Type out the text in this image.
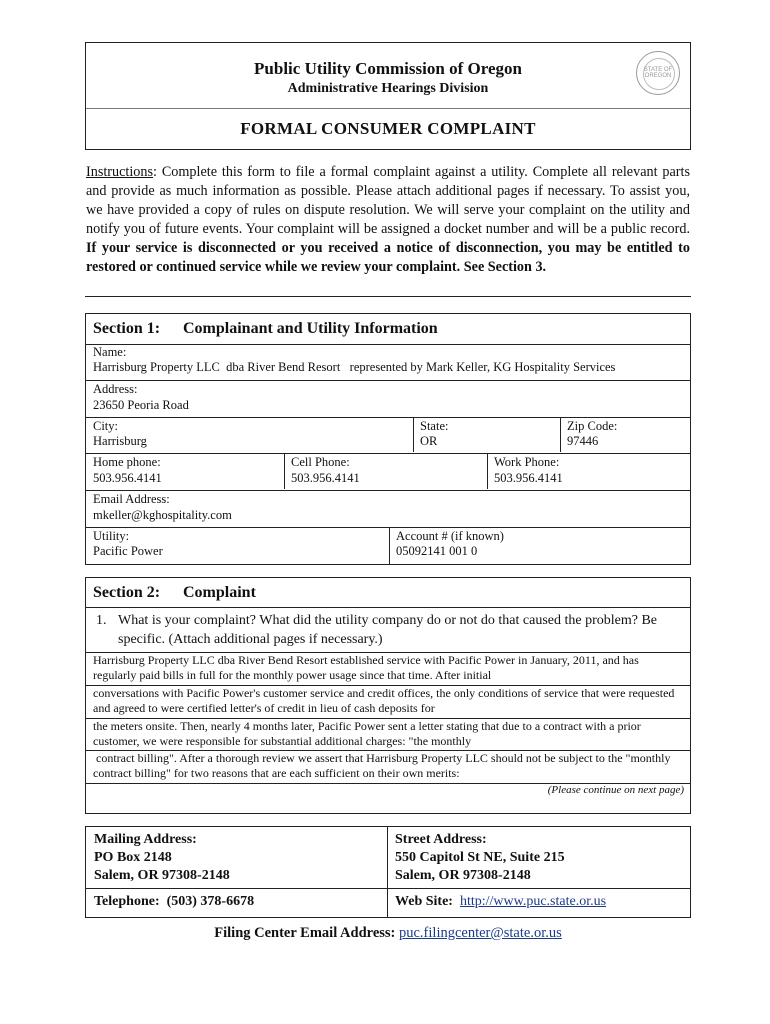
Public Utility Commission of Oregon
Administrative Hearings Division
FORMAL CONSUMER COMPLAINT
STATE OF OREGON
Instructions: Complete this form to file a formal complaint against a utility. Complete all relevant parts and provide as much information as possible. Please attach additional pages if necessary. To assist you, we have provided a copy of rules on dispute resolution. We will serve your complaint on the utility and notify you of future events. Your complaint will be assigned a docket number and will be a public record. If your service is disconnected or you received a notice of disconnection, you may be entitled to restored or continued service while we review your complaint. See Section 3.
Section 1: Complainant and Utility Information
Name:
Harrisburg Property LLC  dba River Bend Resort   represented by Mark Keller, KG Hospitality Services
Address:
23650 Peoria Road
City:
Harrisburg
State:
OR
Zip Code:
97446
Home phone:
503.956.4141
Cell Phone:
503.956.4141
Work Phone:
503.956.4141
Email Address:
mkeller@kghospitality.com
Utility:
Pacific Power
Account # (if known)
05092141 001 0
Section 2: Complaint
1. What is your complaint? What did the utility company do or not do that caused the problem? Be specific. (Attach additional pages if necessary.)
Harrisburg Property LLC dba River Bend Resort established service with Pacific Power in January, 2011, and has regularly paid bills in full for the monthly power usage since that time. After initial
conversations with Pacific Power's customer service and credit offices, the only conditions of service that were requested and agreed to were certified letter's of credit in lieu of cash deposits for
the meters onsite. Then, nearly 4 months later, Pacific Power sent a letter stating that due to a contract with a prior customer, we were responsible for substantial additional charges: "the monthly
contract billing". After a thorough review we assert that Harrisburg Property LLC should not be subject to the "monthly contract billing" for two reasons that are each sufficient on their own merits:
(Please continue on next page)
Mailing Address:
PO Box 2148
Salem, OR 97308-2148
Street Address:
550 Capitol St NE, Suite 215
Salem, OR 97308-2148
Telephone: (503) 378-6678	Web Site: http://www.puc.state.or.us
Filing Center Email Address: puc.filingcenter@state.or.us
